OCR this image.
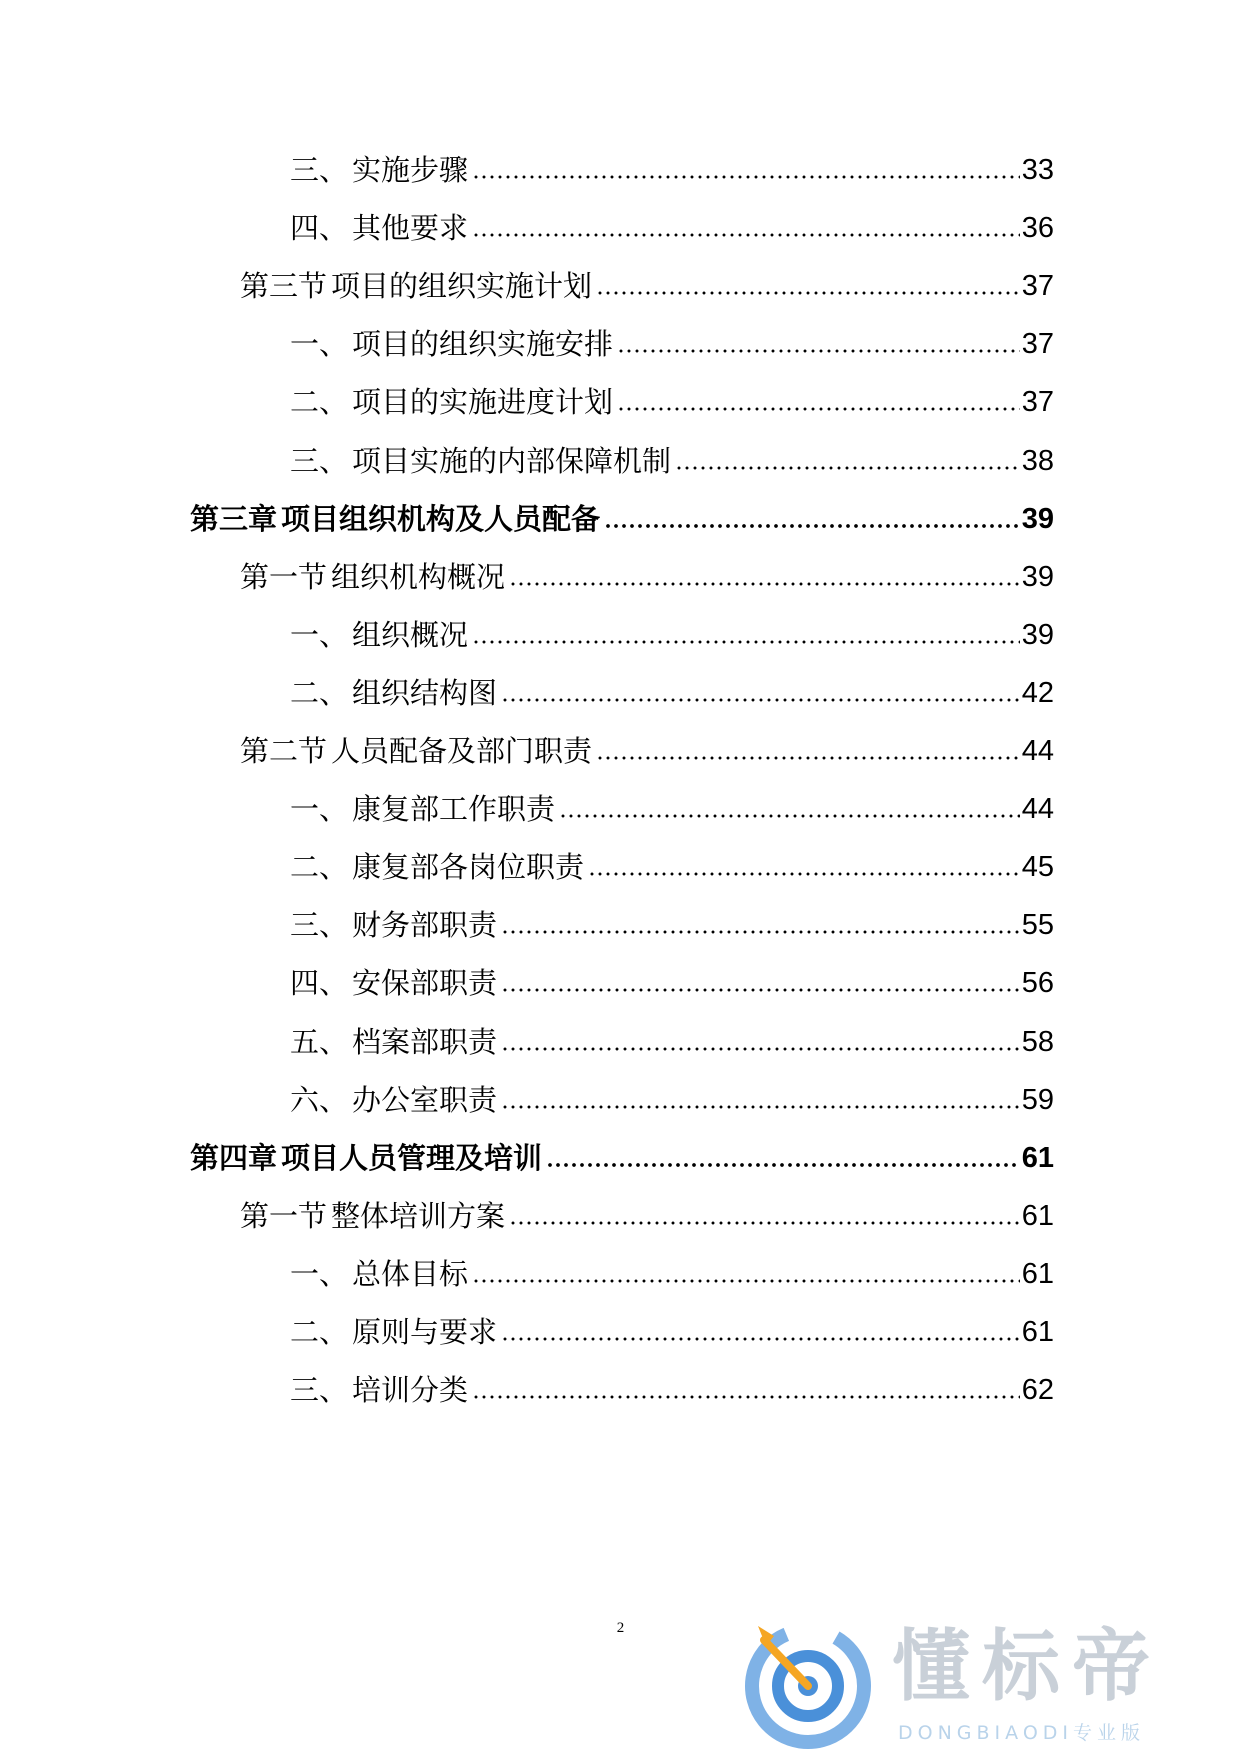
三、 实施步骤	33
四、 其他要求	36
第三节 项目的组织实施计划	37
一、 项目的组织实施安排	37
二、 项目的实施进度计划	37
三、 项目实施的内部保障机制	38
第三章 项目组织机构及人员配备	39
第一节 组织机构概况	39
一、 组织概况	39
二、 组织结构图	42
第二节 人员配备及部门职责	44
一、 康复部工作职责	44
二、 康复部各岗位职责	45
三、 财务部职责	55
四、 安保部职责	56
五、 档案部职责	58
六、 办公室职责	59
第四章 项目人员管理及培训	61
第一节 整体培训方案	61
一、 总体目标	61
二、 原则与要求	61
三、 培训分类	62
2	懂标帝
DONGBIAODI专业版
